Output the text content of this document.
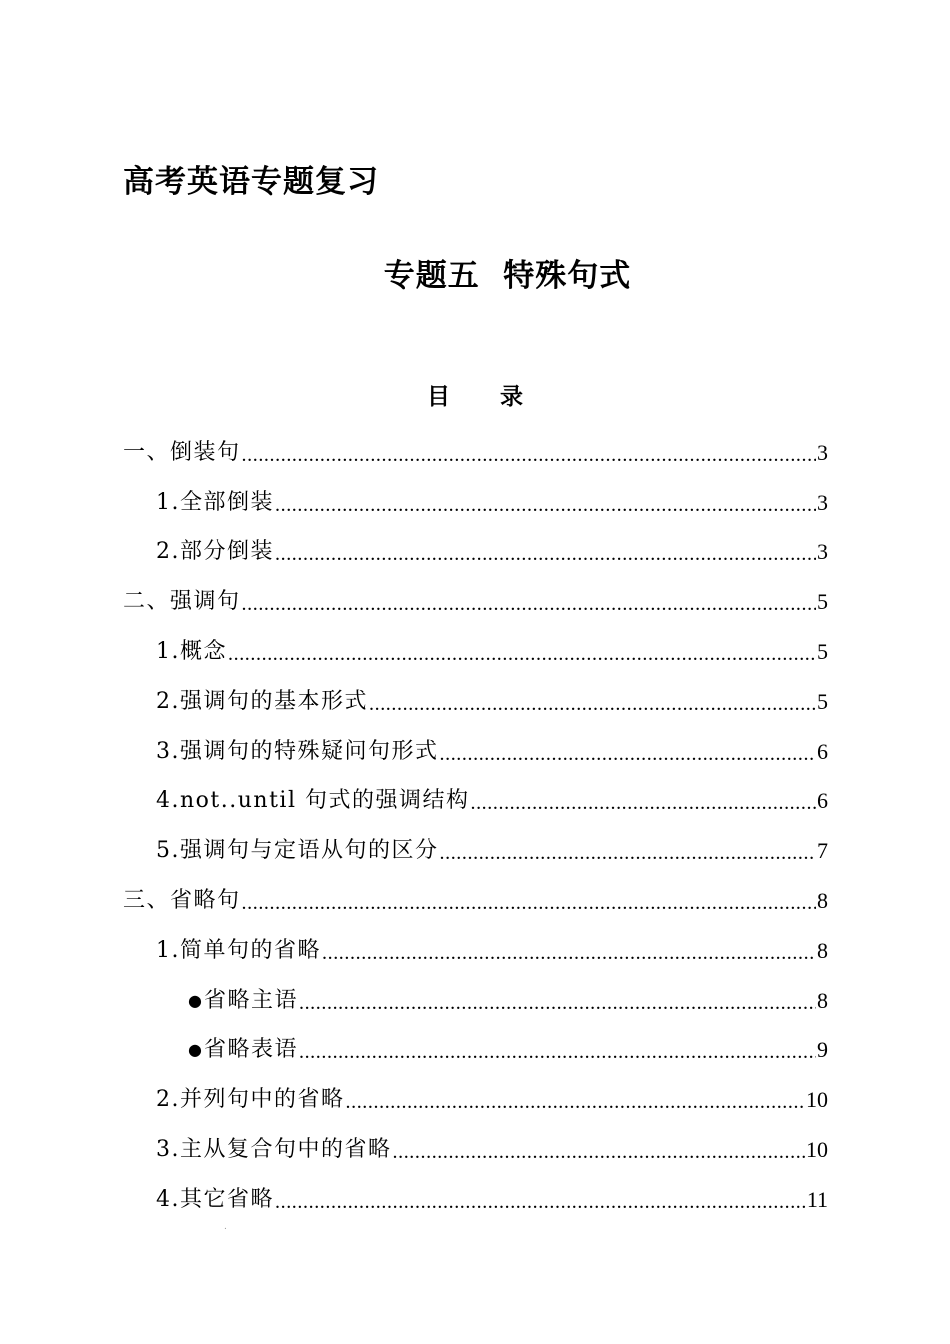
高考英语专题复习
专题五  特殊句式
目 录
一、倒装句 .....	3
1.全部倒装 .....	3
2.部分倒装 .....	3
二、强调句 .....	5
1.概念 .....	5
2.强调句的基本形式 .....	5
3.强调句的特殊疑问句形式 .....	6
4.not..until 句式的强调结构 .....	6
5.强调句与定语从句的区分 .....	7
三、省略句 .....	8
1.简单句的省略 .....	8
●省略主语 .....	8
●省略表语 .....	9
2.并列句中的省略 .....	10
3.主从复合句中的省略 .....	10
4.其它省略 .....	11
.
